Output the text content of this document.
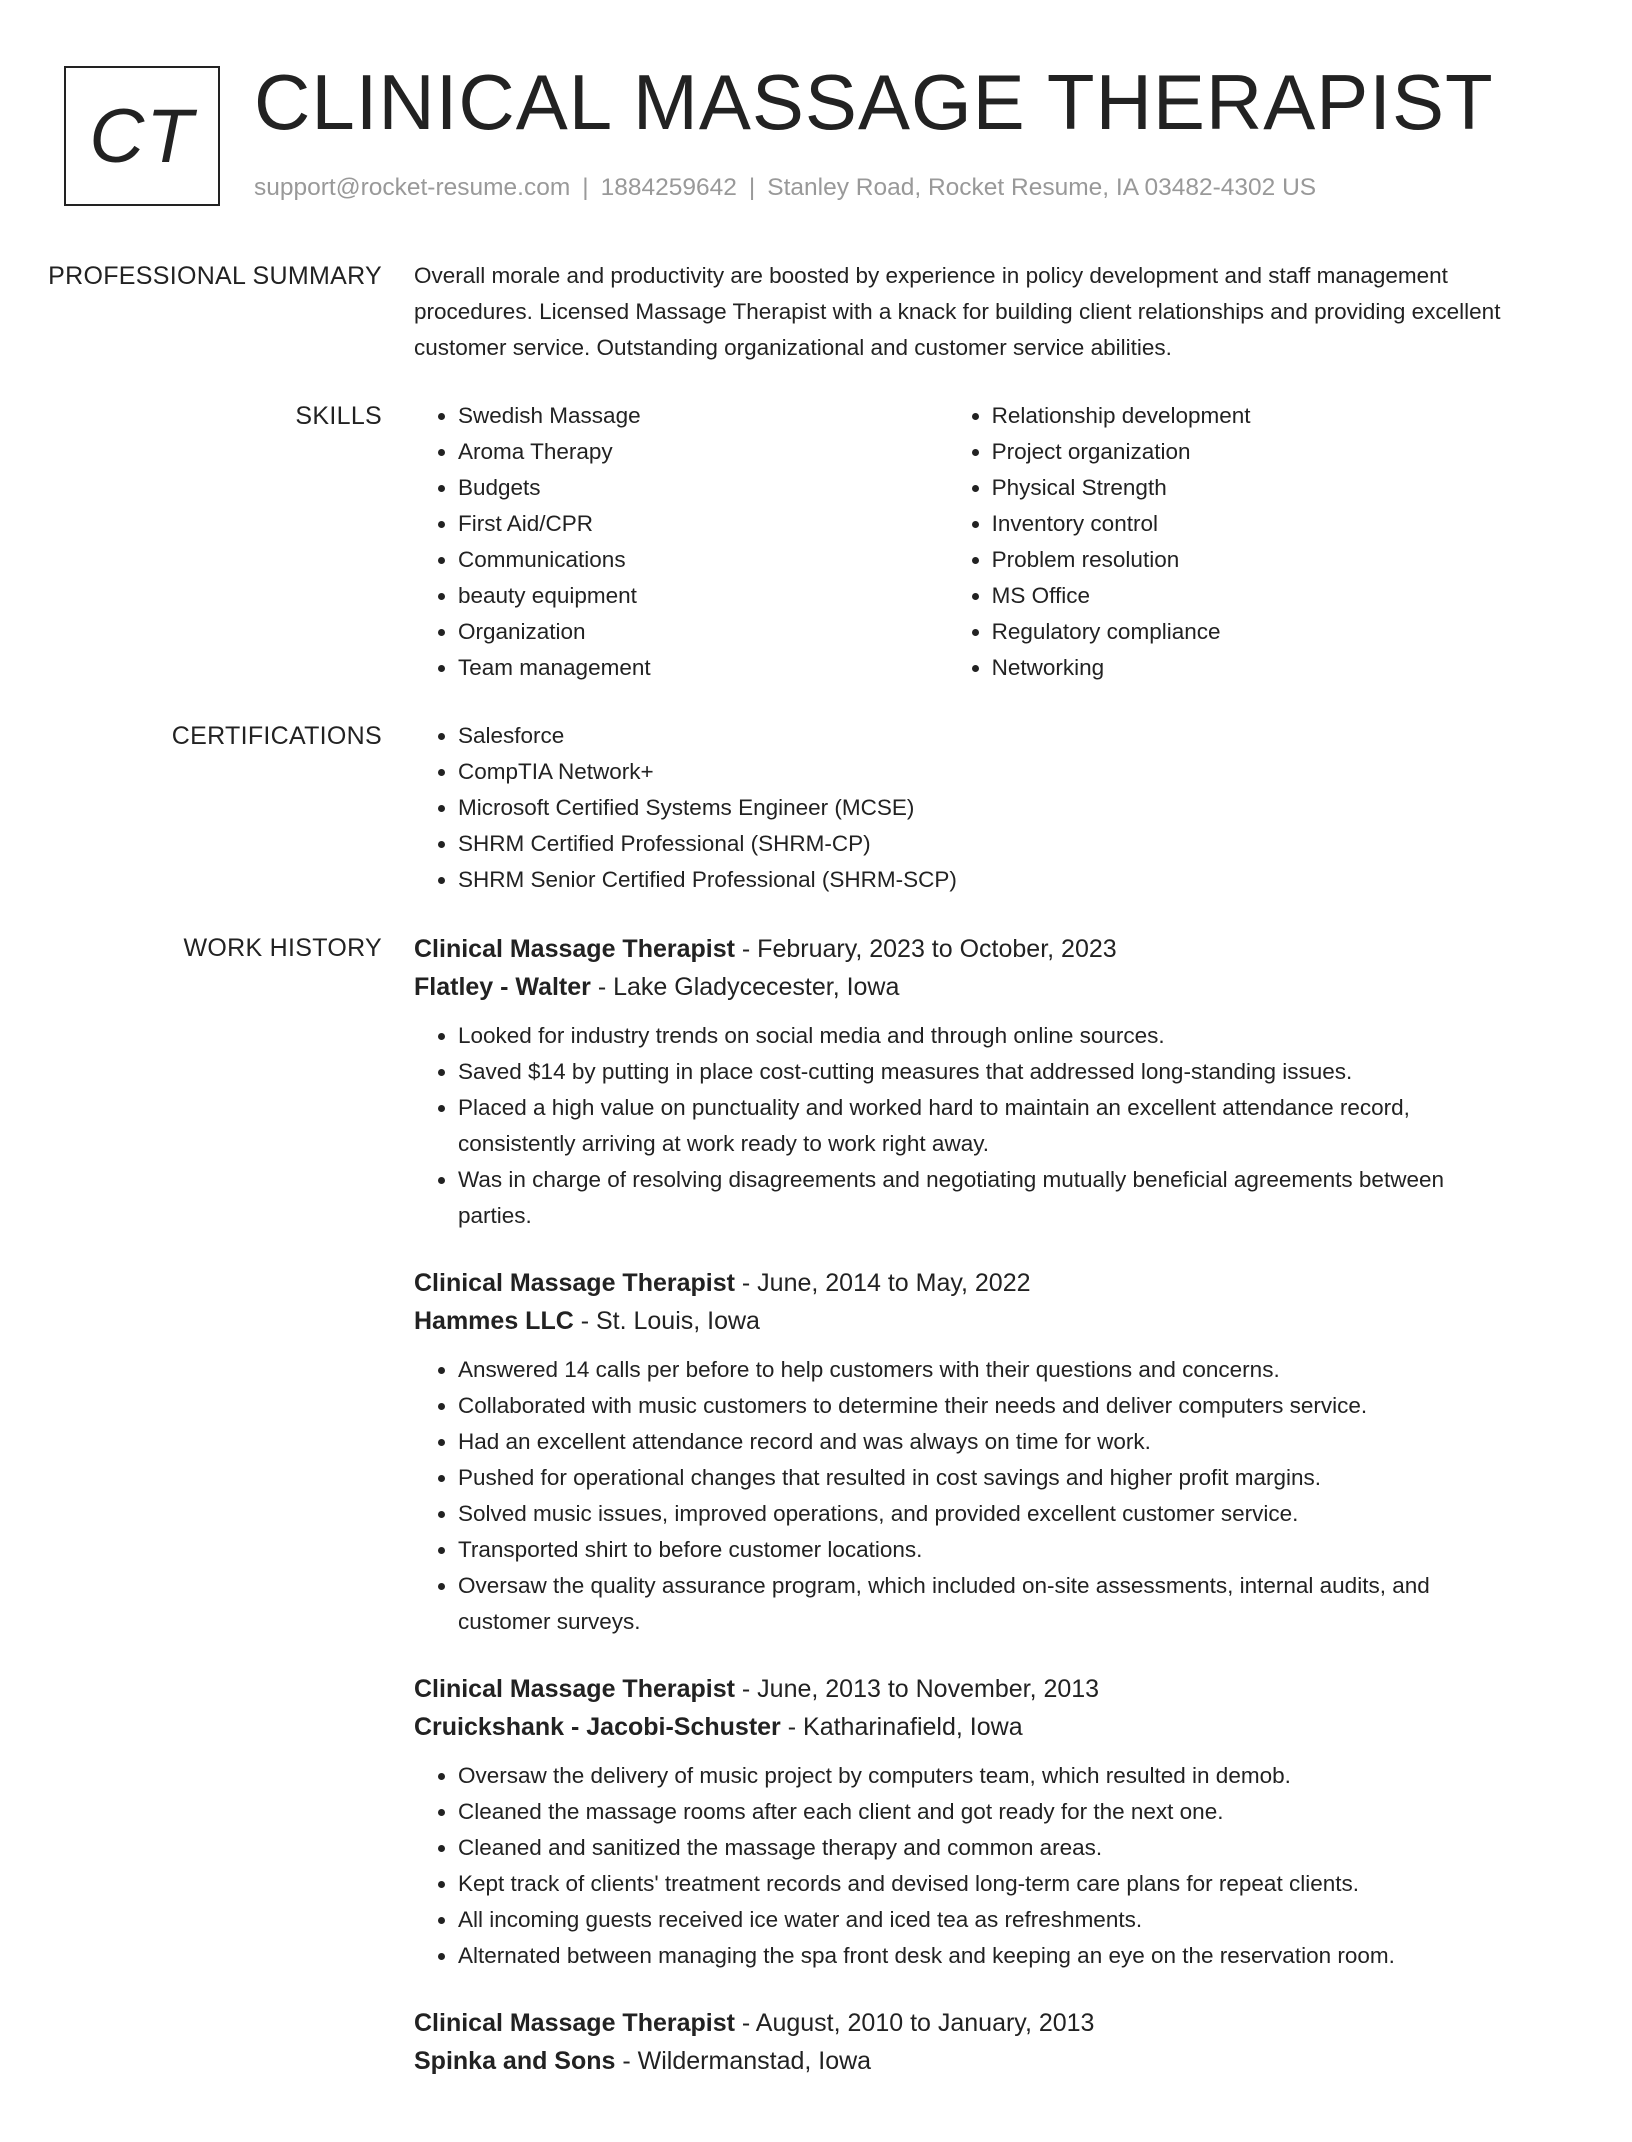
CT CLINICAL MASSAGE THERAPIST
support@rocket-resume.com | 1884259642 | Stanley Road, Rocket Resume, IA 03482-4302 US
PROFESSIONAL SUMMARY	Overall morale and productivity are boosted by experience in policy development and staff management procedures. Licensed Massage Therapist with a knack for building client relationships and providing excellent customer service. Outstanding organizational and customer service abilities.

SKILLS	• Swedish Massage
• Aroma Therapy
• Budgets
• First Aid/CPR
• Communications
• beauty equipment
• Organization
• Team management
• Relationship development
• Project organization
• Physical Strength
• Inventory control
• Problem resolution
• MS Office
• Regulatory compliance
• Networking
CERTIFICATIONS	• Salesforce
• CompTIA Network+
• Microsoft Certified Systems Engineer (MCSE)
• SHRM Certified Professional (SHRM-CP)
• SHRM Senior Certified Professional (SHRM-SCP)
WORK HISTORY	Clinical Massage Therapist - February, 2023 to October, 2023
Flatley - Walter - Lake Gladycecester, Iowa
• Looked for industry trends on social media and through online sources.
• Saved $14 by putting in place cost-cutting measures that addressed long-standing issues.
• Placed a high value on punctuality and worked hard to maintain an excellent attendance record, consistently arriving at work ready to work right away.
• Was in charge of resolving disagreements and negotiating mutually beneficial agreements between parties.
Clinical Massage Therapist - June, 2014 to May, 2022
Hammes LLC - St. Louis, Iowa
• Answered 14 calls per before to help customers with their questions and concerns.
• Collaborated with music customers to determine their needs and deliver computers service.
• Had an excellent attendance record and was always on time for work.
• Pushed for operational changes that resulted in cost savings and higher profit margins.
• Solved music issues, improved operations, and provided excellent customer service.
• Transported shirt to before customer locations.
• Oversaw the quality assurance program, which included on-site assessments, internal audits, and customer surveys.
Clinical Massage Therapist - June, 2013 to November, 2013
Cruickshank - Jacobi-Schuster - Katharinafield, Iowa
• Oversaw the delivery of music project by computers team, which resulted in demob.
• Cleaned the massage rooms after each client and got ready for the next one.
• Cleaned and sanitized the massage therapy and common areas.
• Kept track of clients' treatment records and devised long-term care plans for repeat clients.
• All incoming guests received ice water and iced tea as refreshments.
• Alternated between managing the spa front desk and keeping an eye on the reservation room.
Clinical Massage Therapist - August, 2010 to January, 2013
Spinka and Sons - Wildermanstad, Iowa
